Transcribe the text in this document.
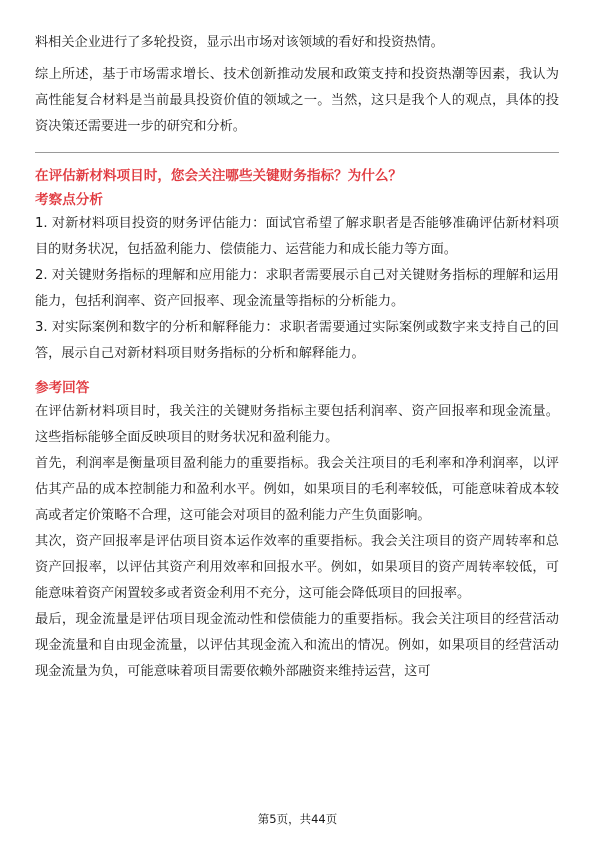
料相关企业进行了多轮投资，显示出市场对该领域的看好和投资热情。

综上所述，基于市场需求增长、技术创新推动发展和政策支持和投资热潮等因素，我认为高性能复合材料是当前最具投资价值的领域之一。当然，这只是我个人的观点，具体的投资决策还需要进一步的研究和分析。

在评估新材料项目时，您会关注哪些关键财务指标？为什么？
考察点分析

1. 对新材料项目投资的财务评估能力：面试官希望了解求职者是否能够准确评估新材料项目的财务状况，包括盈利能力、偿债能力、运营能力和成长能力等方面。

2. 对关键财务指标的理解和应用能力：求职者需要展示自己对关键财务指标的理解和运用能力，包括利润率、资产回报率、现金流量等指标的分析能力。

3. 对实际案例和数字的分析和解释能力：求职者需要通过实际案例或数字来支持自己的回答，展示自己对新材料项目财务指标的分析和解释能力。

参考回答

在评估新材料项目时，我关注的关键财务指标主要包括利润率、资产回报率和现金流量。这些指标能够全面反映项目的财务状况和盈利能力。

首先，利润率是衡量项目盈利能力的重要指标。我会关注项目的毛利率和净利润率，以评估其产品的成本控制能力和盈利水平。例如，如果项目的毛利率较低，可能意味着成本较高或者定价策略不合理，这可能会对项目的盈利能力产生负面影响。

其次，资产回报率是评估项目资本运作效率的重要指标。我会关注项目的资产周转率和总资产回报率，以评估其资产利用效率和回报水平。例如，如果项目的资产周转率较低，可能意味着资产闲置较多或者资金利用不充分，这可能会降低项目的回报率。

最后，现金流量是评估项目现金流动性和偿债能力的重要指标。我会关注项目的经营活动现金流量和自由现金流量，以评估其现金流入和流出的情况。例如，如果项目的经营活动现金流量为负，可能意味着项目需要依赖外部融资来维持运营，这可

第5页，共44页
